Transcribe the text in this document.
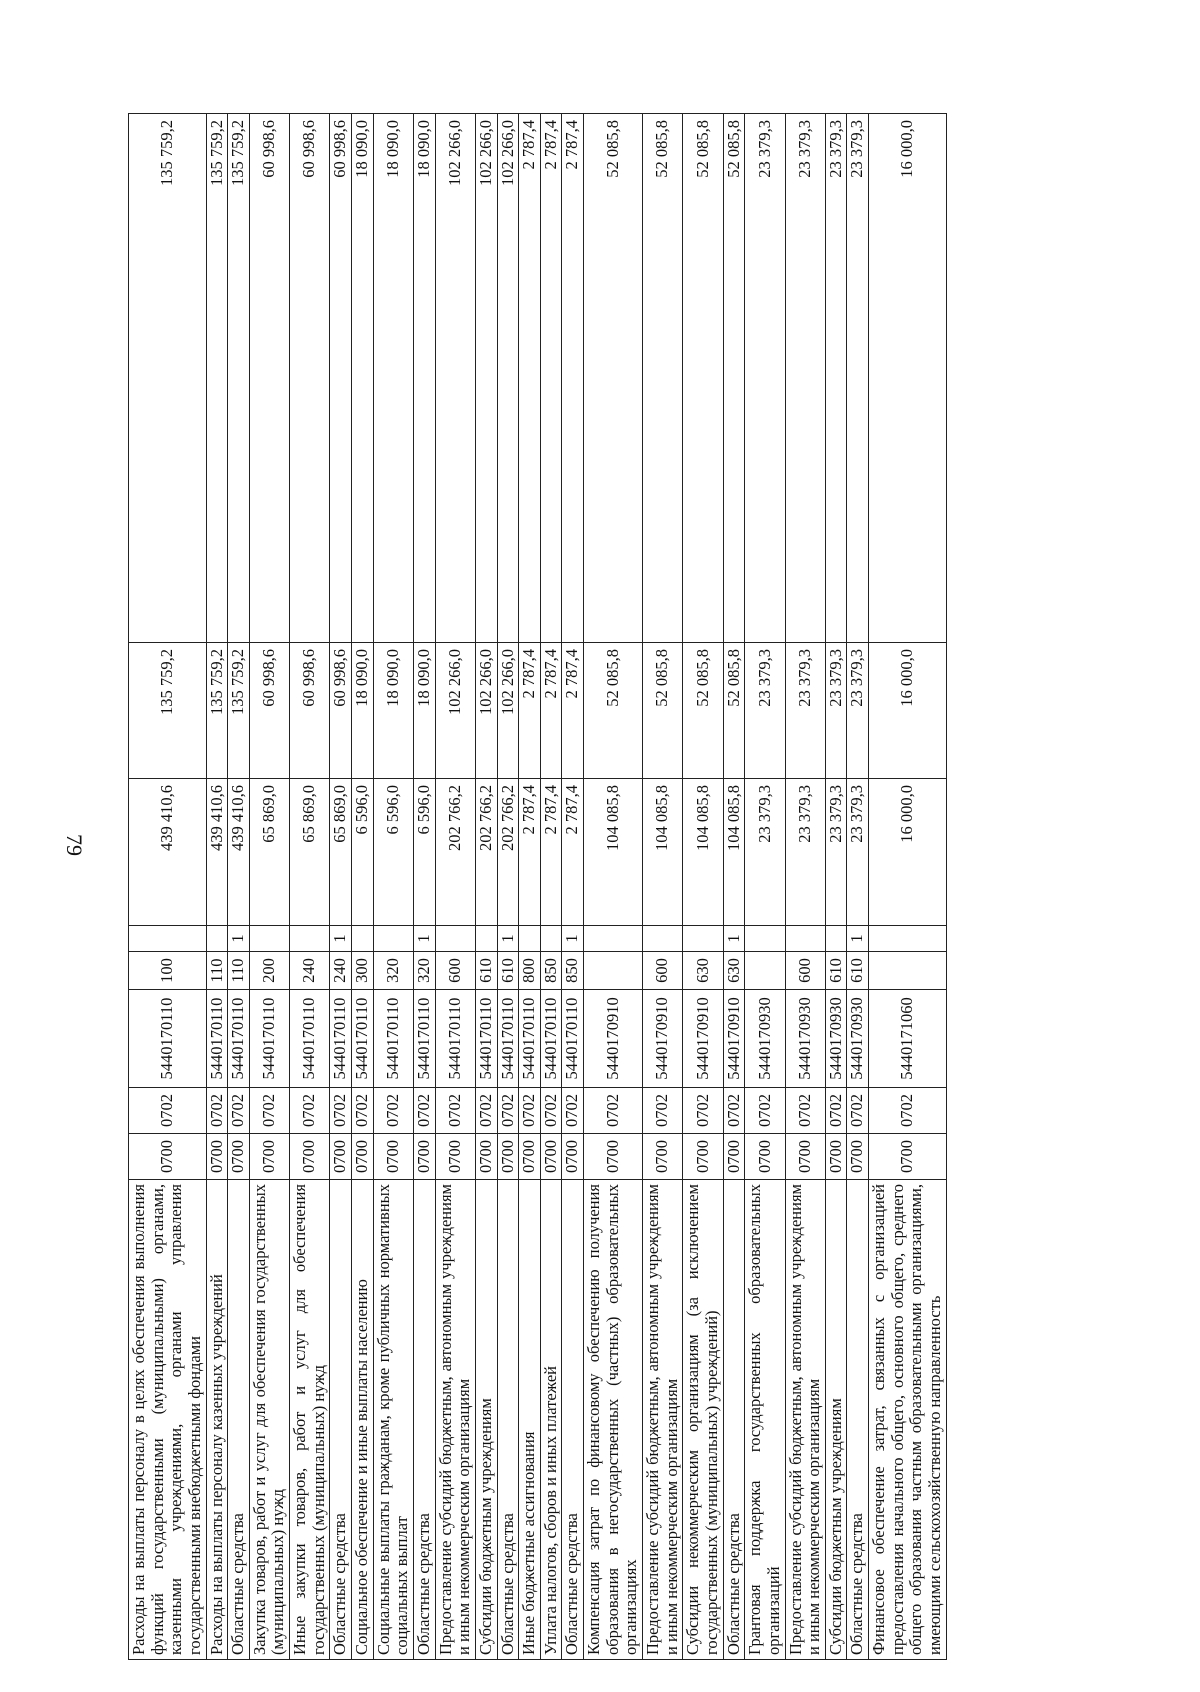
79
Расходы на выплаты персоналу в целях обеспечения выполнения функций государственными (муниципальными) органами, казенными учреждениями, органами управления государственными внебюджетными фондами	0700	0702	5440170110	100		439 410,6	135 759,2	135 759,2
Расходы на выплаты персоналу казенных учреждений	0700	0702	5440170110	110		439 410,6	135 759,2	135 759,2
Областные средства	0700	0702	5440170110	110	1	439 410,6	135 759,2	135 759,2
Закупка товаров, работ и услуг для обеспечения государственных (муниципальных) нужд	0700	0702	5440170110	200		65 869,0	60 998,6	60 998,6
Иные закупки товаров, работ и услуг для обеспечения государственных (муниципальных) нужд	0700	0702	5440170110	240		65 869,0	60 998,6	60 998,6
Областные средства	0700	0702	5440170110	240	1	65 869,0	60 998,6	60 998,6
Социальное обеспечение и иные выплаты населению	0700	0702	5440170110	300		6 596,0	18 090,0	18 090,0
Социальные выплаты гражданам, кроме публичных нормативных социальных выплат	0700	0702	5440170110	320		6 596,0	18 090,0	18 090,0
Областные средства	0700	0702	5440170110	320	1	6 596,0	18 090,0	18 090,0
Предоставление субсидий бюджетным, автономным учреждениям и иным некоммерческим организациям	0700	0702	5440170110	600		202 766,2	102 266,0	102 266,0
Субсидии бюджетным учреждениям	0700	0702	5440170110	610		202 766,2	102 266,0	102 266,0
Областные средства	0700	0702	5440170110	610	1	202 766,2	102 266,0	102 266,0
Иные бюджетные ассигнования	0700	0702	5440170110	800		2 787,4	2 787,4	2 787,4
Уплата налогов, сборов и иных платежей	0700	0702	5440170110	850		2 787,4	2 787,4	2 787,4
Областные средства	0700	0702	5440170110	850	1	2 787,4	2 787,4	2 787,4
Компенсация затрат по финансовому обеспечению получения образования в негосударственных (частных) образовательных организациях	0700	0702	5440170910			104 085,8	52 085,8	52 085,8
Предоставление субсидий бюджетным, автономным учреждениям и иным некоммерческим организациям	0700	0702	5440170910	600		104 085,8	52 085,8	52 085,8
Субсидии некоммерческим организациям (за исключением государственных (муниципальных) учреждений)	0700	0702	5440170910	630		104 085,8	52 085,8	52 085,8
Областные средства	0700	0702	5440170910	630	1	104 085,8	52 085,8	52 085,8
Грантовая поддержка государственных образовательных организаций	0700	0702	5440170930			23 379,3	23 379,3	23 379,3
Предоставление субсидий бюджетным, автономным учреждениям и иным некоммерческим организациям	0700	0702	5440170930	600		23 379,3	23 379,3	23 379,3
Субсидии бюджетным учреждениям	0700	0702	5440170930	610		23 379,3	23 379,3	23 379,3
Областные средства	0700	0702	5440170930	610	1	23 379,3	23 379,3	23 379,3
Финансовое обеспечение затрат, связанных с организацией предоставления начального общего, основного общего, среднего общего образования частным образовательными организациями, имеющими сельскохозяйственную направленность	0700	0702	5440171060			16 000,0	16 000,0	16 000,0
